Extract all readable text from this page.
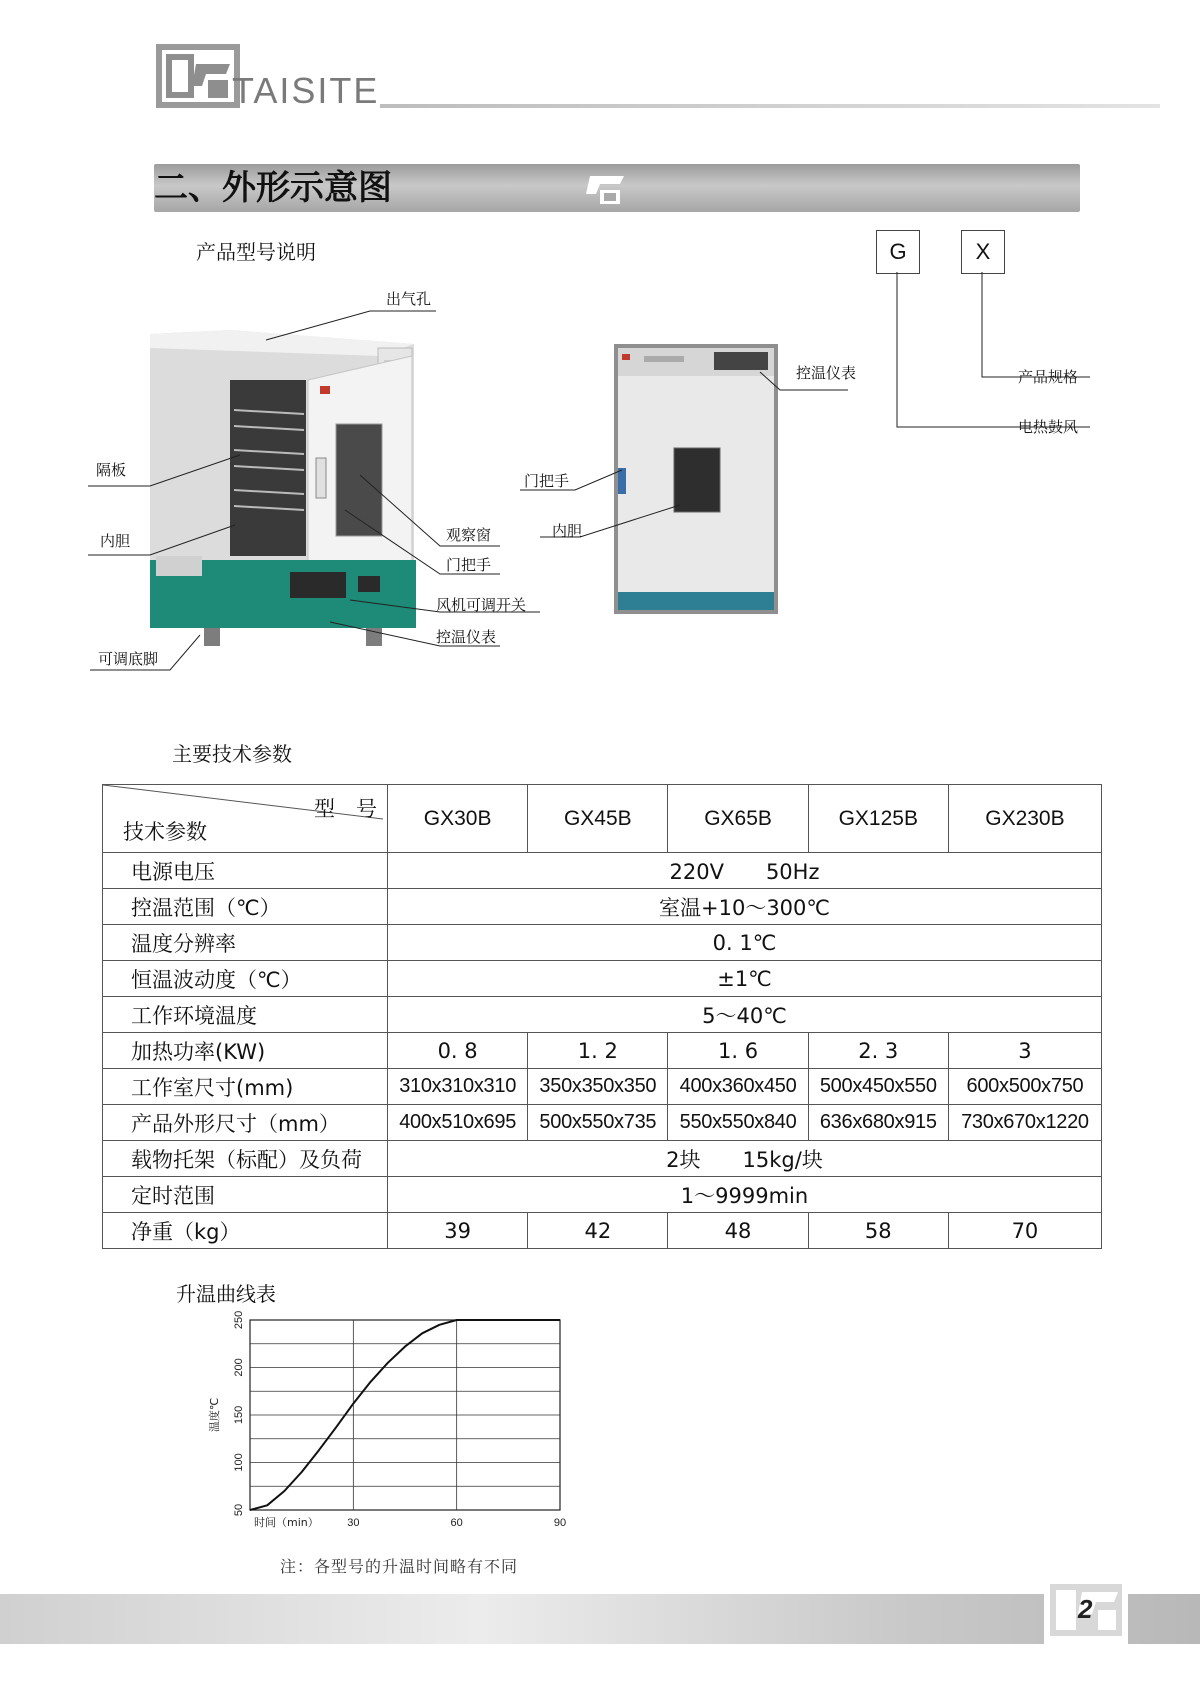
TAISITE
二、外形示意图
产品型号说明	G	X
产品规格
电热鼓风
出气孔
隔板
内胆	观察窗
门把手
风机可调开关
控温仪表
可调底脚
控温仪表
门把手
内胆
主要技术参数
型　号
技术参数	GX30B	GX45B	GX65B	GX125B	GX230B
电源电压	220V　　50Hz				
控温范围（℃）	室温+10～300℃				
温度分辨率	0. 1℃				
恒温波动度（℃）	±1℃				
工作环境温度	5～40℃				
加热功率(KW)	0. 8	1. 2	1. 6	2. 3	3
工作室尺寸(mm)	310x310x310	350x350x350	400x360x450	500x450x550	600x500x750
产品外形尺寸（mm）	400x510x695	500x550x735	550x550x840	636x680x915	730x670x1220
载物托架（标配）及负荷	2块　　15kg/块				
定时范围	1～9999min				
净重（kg）	39	42	48	58	70
升温曲线表
50
100
150
200
250
30	60	90
时间（min）
温度℃
注：各型号的升温时间略有不同
2
